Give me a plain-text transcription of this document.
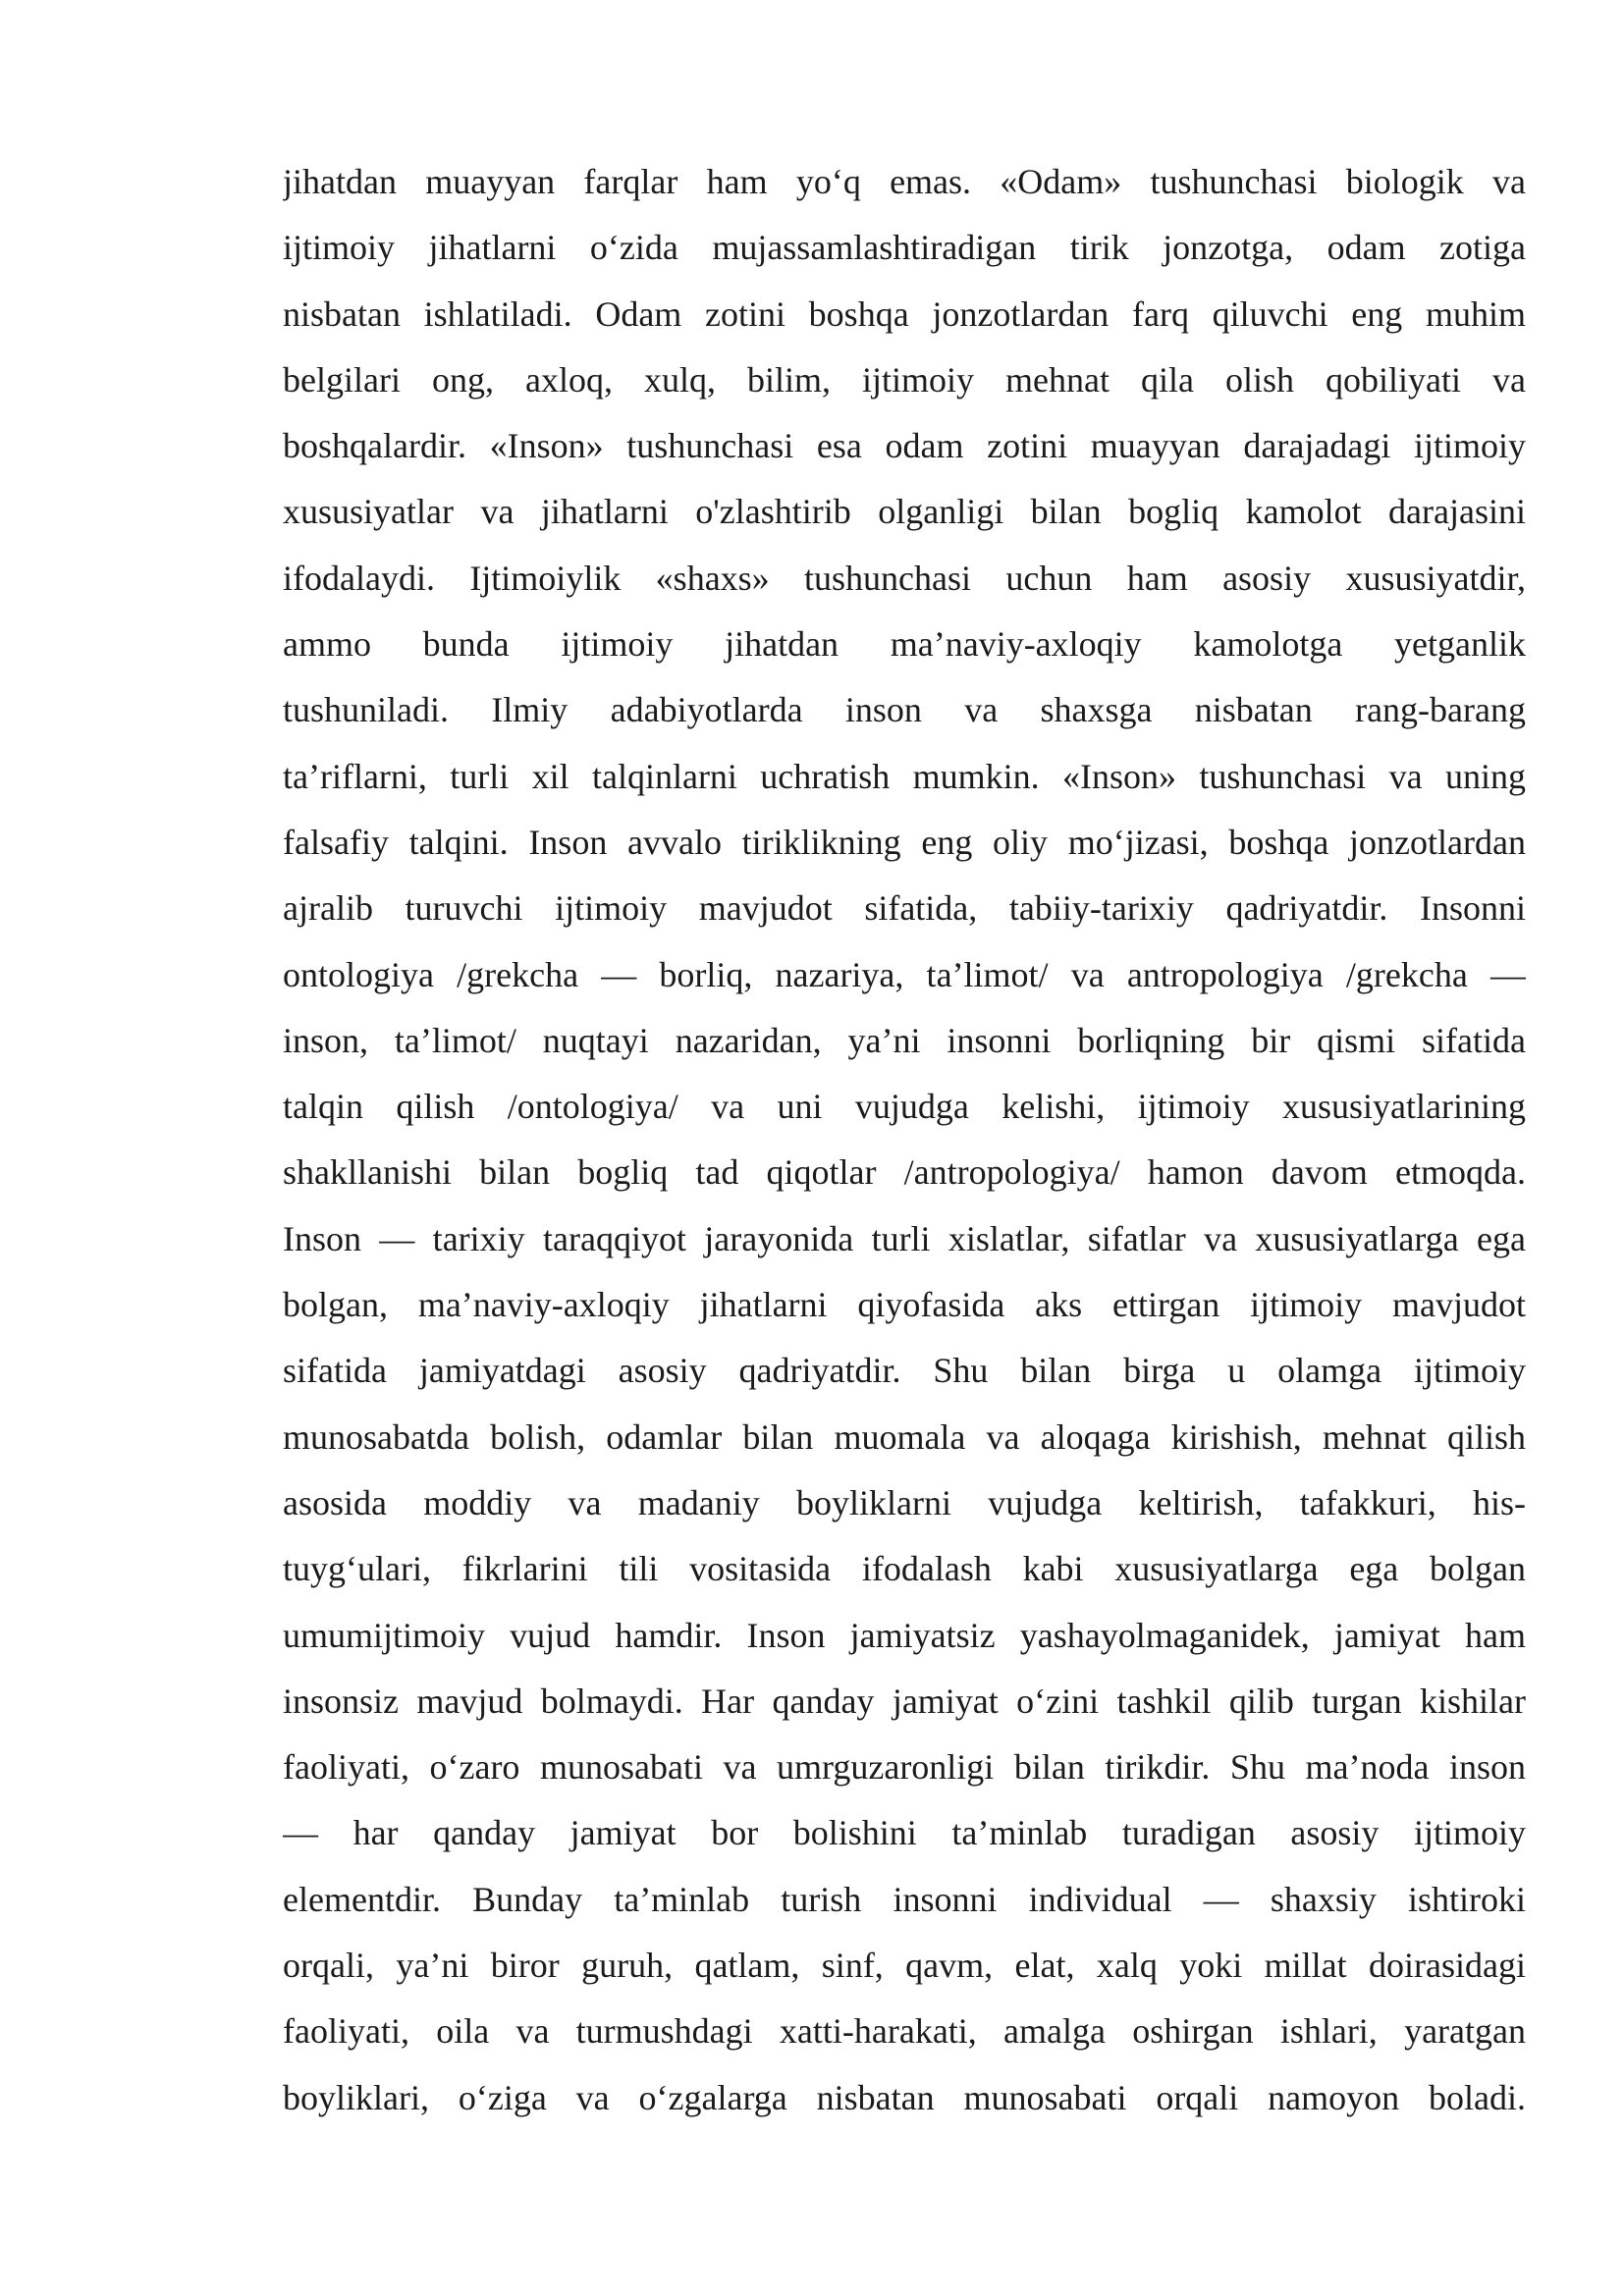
jihatdan muayyan farqlar ham yo‘q emas. «Odam» tushunchasi biologik va
ijtimoiy jihatlarni o‘zida mujassamlashtiradigan tirik jonzotga, odam zotiga
nisbatan ishlatiladi. Odam zotini boshqa jonzotlardan farq qiluvchi eng muhim
belgilari ong, axloq, xulq, bilim, ijtimoiy mehnat qila olish qobiliyati va
boshqalardir. «Inson» tushunchasi esa odam zotini muayyan darajadagi ijtimoiy
xususiyatlar va jihatlarni o'zlashtirib olganligi bilan bogliq kamolot darajasini
ifodalaydi. Ijtimoiylik «shaxs» tushunchasi uchun ham asosiy xususiyatdir,
ammo bunda ijtimoiy jihatdan ma’naviy-axloqiy kamolotga yetganlik
tushuniladi. Ilmiy adabiyotlarda inson va shaxsga nisbatan rang-barang
ta’riflarni, turli xil talqinlarni uchratish mumkin. «Inson» tushunchasi va uning
falsafiy talqini. Inson avvalo tiriklikning eng oliy mo‘jizasi, boshqa jonzotlardan
ajralib turuvchi ijtimoiy mavjudot sifatida, tabiiy-tarixiy qadriyatdir. Insonni
ontologiya /grekcha — borliq, nazariya, ta’limot/ va antropologiya /grekcha —
inson, ta’limot/ nuqtayi nazaridan, ya’ni insonni borliqning bir qismi sifatida
talqin qilish /ontologiya/ va uni vujudga kelishi, ijtimoiy xususiyatlarining
shakllanishi bilan bogliq tad qiqotlar /antropologiya/ hamon davom etmoqda.
Inson — tarixiy taraqqiyot jarayonida turli xislatlar, sifatlar va xususiyatlarga ega
bolgan, ma’naviy-axloqiy jihatlarni qiyofasida aks ettirgan ijtimoiy mavjudot
sifatida jamiyatdagi asosiy qadriyatdir. Shu bilan birga u olamga ijtimoiy
munosabatda bolish, odamlar bilan muomala va aloqaga kirishish, mehnat qilish
asosida moddiy va madaniy boyliklarni vujudga keltirish, tafakkuri, his-
tuyg‘ulari, fikrlarini tili vositasida ifodalash kabi xususiyatlarga ega bolgan
umumijtimoiy vujud hamdir. Inson jamiyatsiz yashayolmaganidek, jamiyat ham
insonsiz mavjud bolmaydi. Har qanday jamiyat o‘zini tashkil qilib turgan kishilar
faoliyati, o‘zaro munosabati va umrguzaronligi bilan tirikdir. Shu ma’noda inson
— har qanday jamiyat bor bolishini ta’minlab turadigan asosiy ijtimoiy
elementdir. Bunday ta’minlab turish insonni individual — shaxsiy ishtiroki
orqali, ya’ni biror guruh, qatlam, sinf, qavm, elat, xalq yoki millat doirasidagi
faoliyati, oila va turmushdagi xatti-harakati, amalga oshirgan ishlari, yaratgan
boyliklari, o‘ziga va o‘zgalarga nisbatan munosabati orqali namoyon boladi.
